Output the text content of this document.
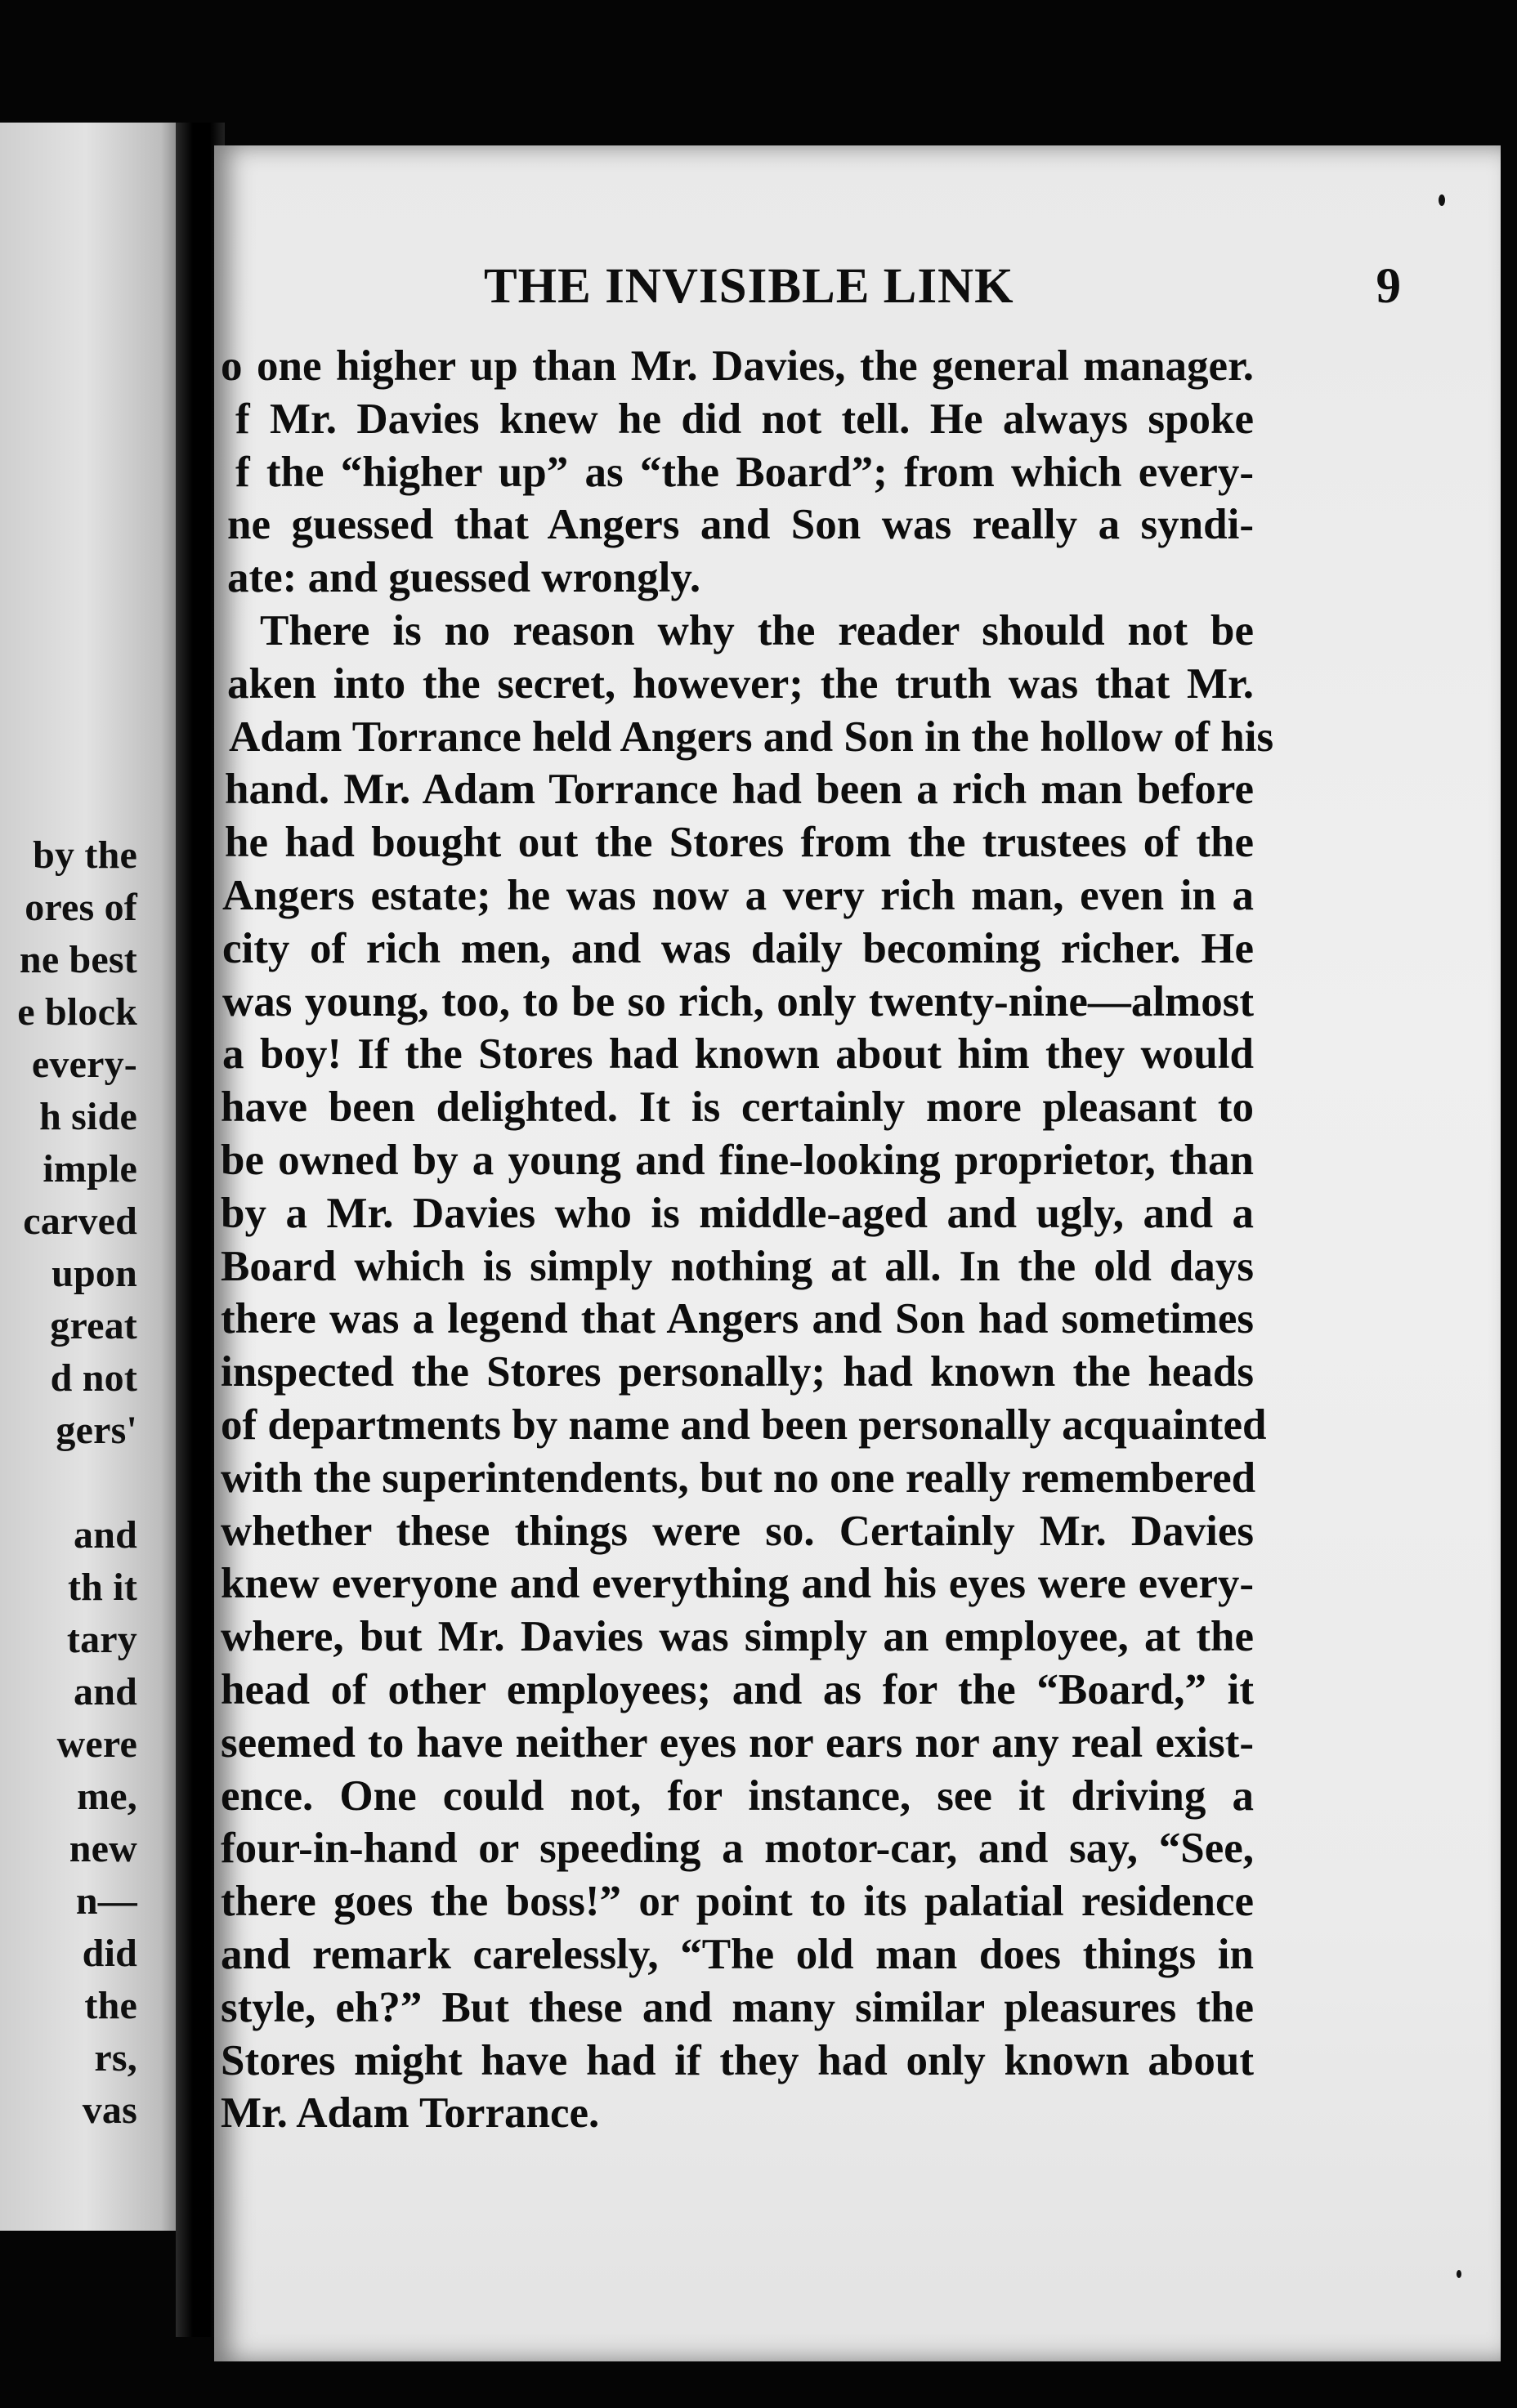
by the
ores of
ne best
e block
every-
h side
imple
carved
upon
great
d not
gers'
and
th it
tary
and
were
me,
new
n—
did
the
rs,
vas
THE INVISIBLE LINK	9
o one higher up than Mr. Davies, the general manager.
f Mr. Davies knew he did not tell. He always spoke
f the “higher up” as “the Board”; from which every-
ne guessed that Angers and Son was really a syndi-
ate: and guessed wrongly.
There is no reason why the reader should not be
aken into the secret, however; the truth was that Mr.
Adam Torrance held Angers and Son in the hollow of his
hand. Mr. Adam Torrance had been a rich man before
he had bought out the Stores from the trustees of the
Angers estate; he was now a very rich man, even in a
city of rich men, and was daily becoming richer. He
was young, too, to be so rich, only twenty-nine—almost
a boy! If the Stores had known about him they would
have been delighted. It is certainly more pleasant to
be owned by a young and fine-looking proprietor, than
by a Mr. Davies who is middle-aged and ugly, and a
Board which is simply nothing at all. In the old days
there was a legend that Angers and Son had sometimes
inspected the Stores personally; had known the heads
of departments by name and been personally acquainted
with the superintendents, but no one really remembered
whether these things were so. Certainly Mr. Davies
knew everyone and everything and his eyes were every-
where, but Mr. Davies was simply an employee, at the
head of other employees; and as for the “Board,” it
seemed to have neither eyes nor ears nor any real exist-
ence. One could not, for instance, see it driving a
four-in-hand or speeding a motor-car, and say, “See,
there goes the boss!” or point to its palatial residence
and remark carelessly, “The old man does things in
style, eh?” But these and many similar pleasures the
Stores might have had if they had only known about
Mr. Adam Torrance.
